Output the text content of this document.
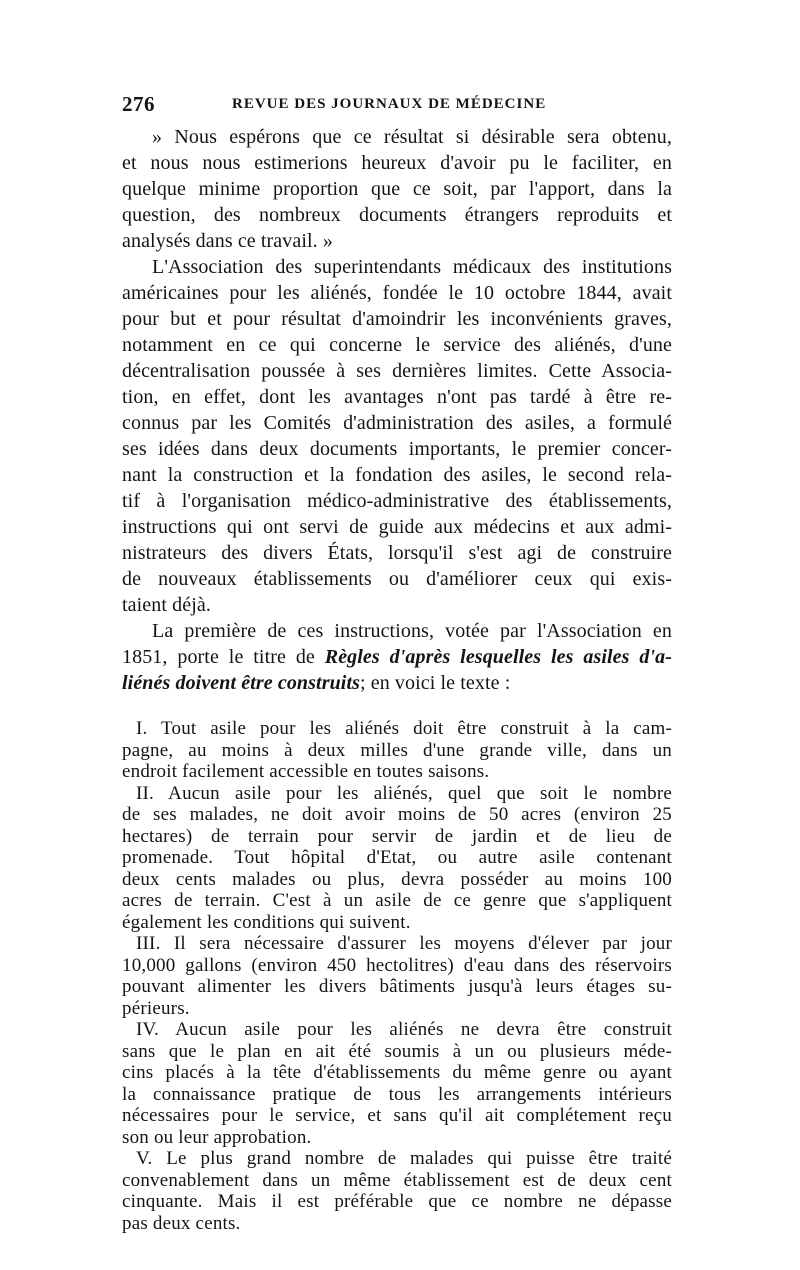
276	REVUE DES JOURNAUX DE MÉDECINE
» Nous espérons que ce résultat si désirable sera obtenu,
et nous nous estimerions heureux d'avoir pu le faciliter, en
quelque minime proportion que ce soit, par l'apport, dans la
question, des nombreux documents étrangers reproduits et
analysés dans ce travail. »
L'Association des superintendants médicaux des institutions
américaines pour les aliénés, fondée le 10 octobre 1844, avait
pour but et pour résultat d'amoindrir les inconvénients graves,
notamment en ce qui concerne le service des aliénés, d'une
décentralisation poussée à ses dernières limites. Cette Associa-
tion, en effet, dont les avantages n'ont pas tardé à être re-
connus par les Comités d'administration des asiles, a formulé
ses idées dans deux documents importants, le premier concer-
nant la construction et la fondation des asiles, le second rela-
tif à l'organisation médico-administrative des établissements,
instructions qui ont servi de guide aux médecins et aux admi-
nistrateurs des divers États, lorsqu'il s'est agi de construire
de nouveaux établissements ou d'améliorer ceux qui exis-
taient déjà.
La première de ces instructions, votée par l'Association en
1851, porte le titre de Règles d'après lesquelles les asiles d'a-
liénés doivent être construits; en voici le texte :
I. Tout asile pour les aliénés doit être construit à la cam-
pagne, au moins à deux milles d'une grande ville, dans un
endroit facilement accessible en toutes saisons.
II. Aucun asile pour les aliénés, quel que soit le nombre
de ses malades, ne doit avoir moins de 50 acres (environ 25
hectares) de terrain pour servir de jardin et de lieu de
promenade. Tout hôpital d'Etat, ou autre asile contenant
deux cents malades ou plus, devra posséder au moins 100
acres de terrain. C'est à un asile de ce genre que s'appliquent
également les conditions qui suivent.
III. Il sera nécessaire d'assurer les moyens d'élever par jour
10,000 gallons (environ 450 hectolitres) d'eau dans des réservoirs
pouvant alimenter les divers bâtiments jusqu'à leurs étages su-
périeurs.
IV. Aucun asile pour les aliénés ne devra être construit
sans que le plan en ait été soumis à un ou plusieurs méde-
cins placés à la tête d'établissements du même genre ou ayant
la connaissance pratique de tous les arrangements intérieurs
nécessaires pour le service, et sans qu'il ait complétement reçu
son ou leur approbation.
V. Le plus grand nombre de malades qui puisse être traité
convenablement dans un même établissement est de deux cent
cinquante. Mais il est préférable que ce nombre ne dépasse
pas deux cents.
